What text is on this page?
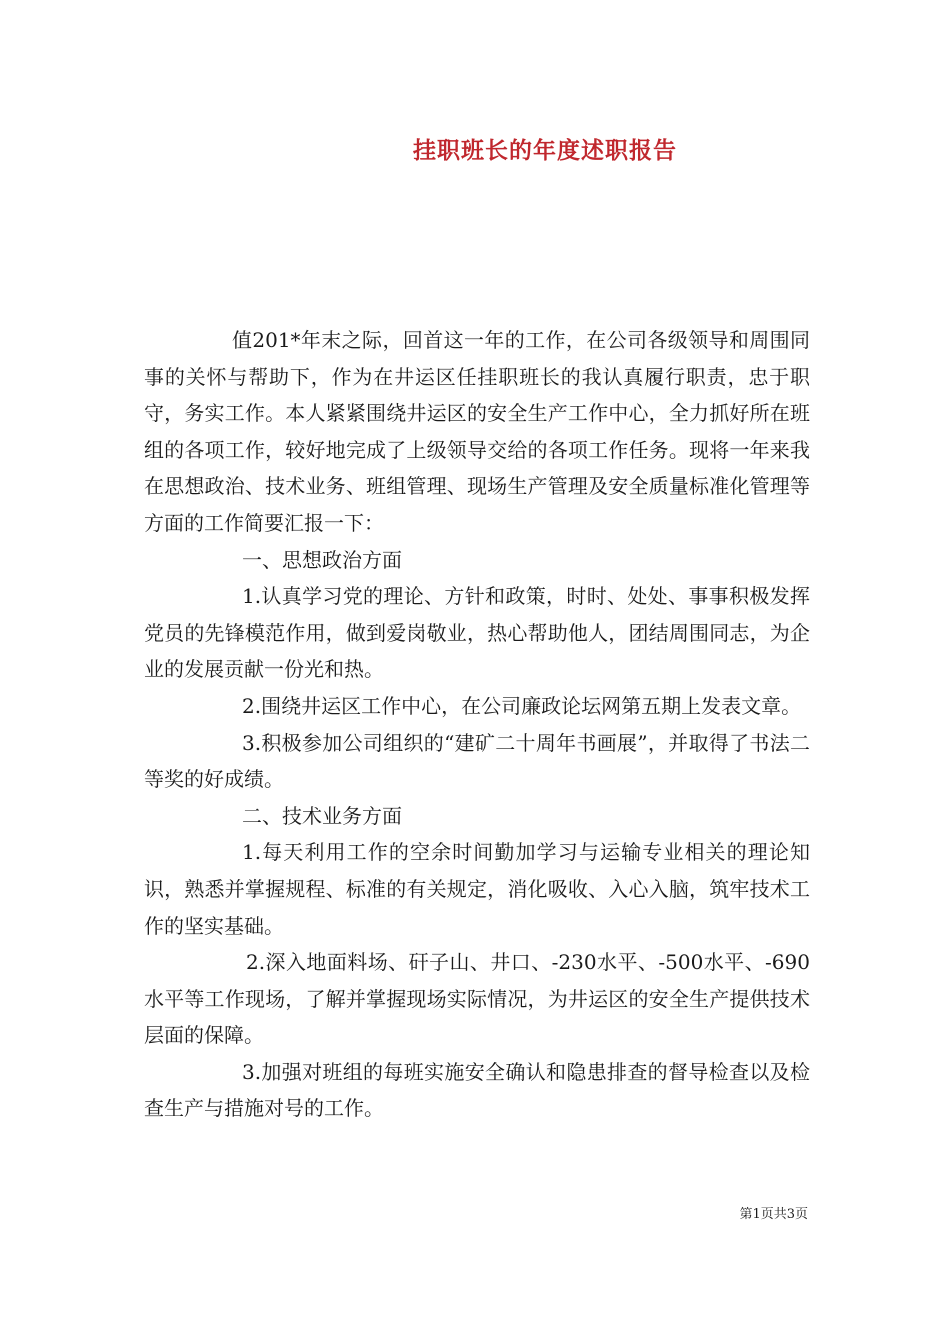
挂职班长的年度述职报告

值201*年末之际，回首这一年的工作，在公司各级领导和周围同事的关怀与帮助下，作为在井运区任挂职班长的我认真履行职责，忠于职守，务实工作。本人紧紧围绕井运区的安全生产工作中心，全力抓好所在班组的各项工作，较好地完成了上级领导交给的各项工作任务。现将一年来我在思想政治、技术业务、班组管理、现场生产管理及安全质量标准化管理等方面的工作简要汇报一下：

一、思想政治方面

1.认真学习党的理论、方针和政策，时时、处处、事事积极发挥党员的先锋模范作用，做到爱岗敬业，热心帮助他人，团结周围同志，为企业的发展贡献一份光和热。

2.围绕井运区工作中心，在公司廉政论坛网第五期上发表文章。

3.积极参加公司组织的“建矿二十周年书画展”，并取得了书法二等奖的好成绩。

二、技术业务方面

1.每天利用工作的空余时间勤加学习与运输专业相关的理论知识，熟悉并掌握规程、标准的有关规定，消化吸收、入心入脑，筑牢技术工作的坚实基础。

2.深入地面料场、矸子山、井口、-230水平、-500水平、-690水平等工作现场，了解并掌握现场实际情况，为井运区的安全生产提供技术层面的保障。

3.加强对班组的每班实施安全确认和隐患排查的督导检查以及检查生产与措施对号的工作。

第1页共3页
